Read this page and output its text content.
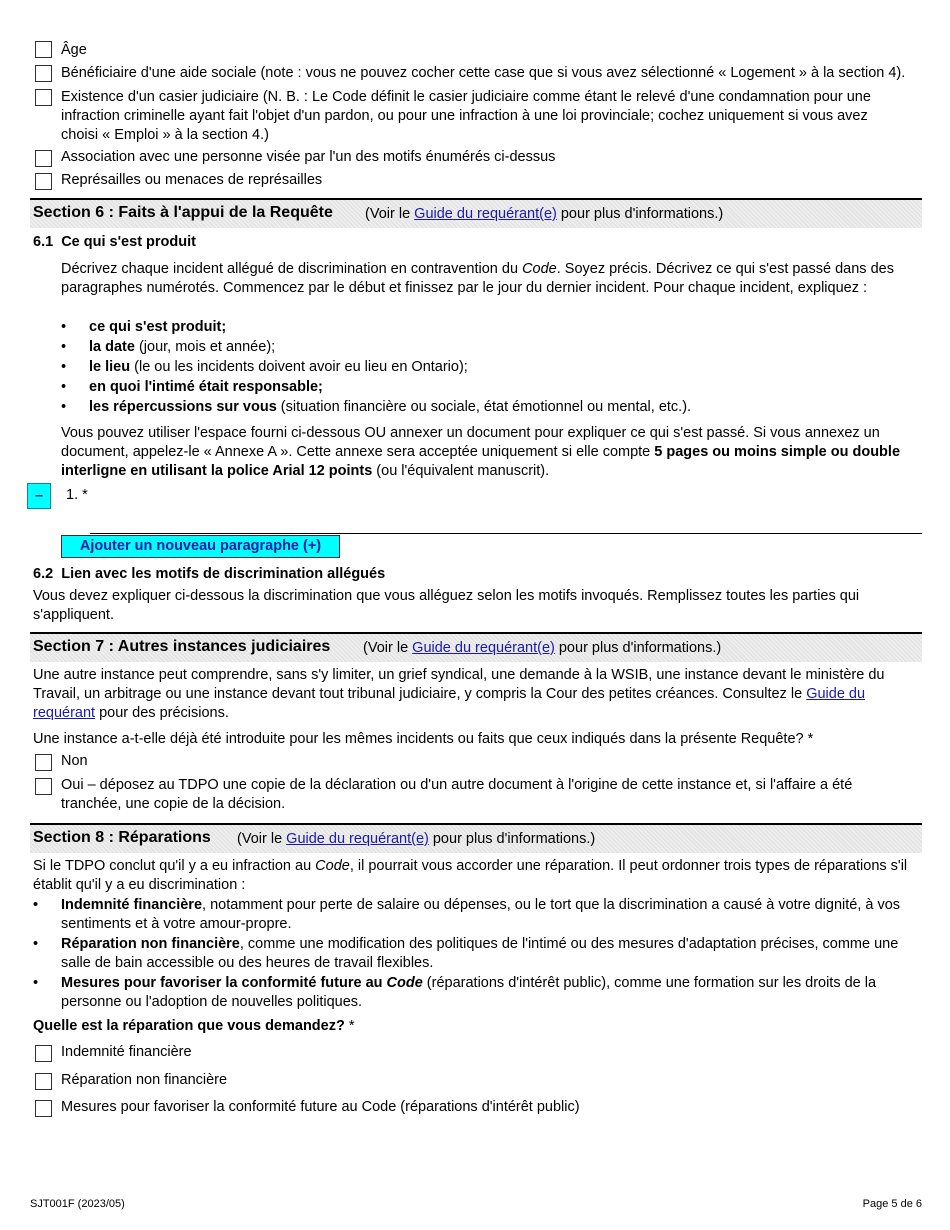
Âge
Bénéficiaire d'une aide sociale (note : vous ne pouvez cocher cette case que si vous avez sélectionné « Logement » à la section 4).
Existence d'un casier judiciaire (N. B. : Le Code définit le casier judiciaire comme étant le relevé d'une condamnation pour une infraction criminelle ayant fait l'objet d'un pardon, ou pour une infraction à une loi provinciale; cochez uniquement si vous avez choisi « Emploi » à la section 4.)
Association avec une personne visée par l'un des motifs énumérés ci-dessus
Représailles ou menaces de représailles
Section 6 : Faits à l'appui de la Requête (Voir le Guide du requérant(e) pour plus d'informations.)
6.1  Ce qui s'est produit
Décrivez chaque incident allégué de discrimination en contravention du Code. Soyez précis. Décrivez ce qui s'est passé dans des paragraphes numérotés. Commencez par le début et finissez par le jour du dernier incident. Pour chaque incident, expliquez :
• ce qui s'est produit;
• la date (jour, mois et année);
• le lieu (le ou les incidents doivent avoir eu lieu en Ontario);
• en quoi l'intimé était responsable;
• les répercussions sur vous (situation financière ou sociale, état émotionnel ou mental, etc.).
Vous pouvez utiliser l'espace fourni ci-dessous OU annexer un document pour expliquer ce qui s'est passé. Si vous annexez un document, appelez-le « Annexe A ». Cette annexe sera acceptée uniquement si elle compte 5 pages ou moins simple ou double interligne en utilisant la police Arial 12 points (ou l'équivalent manuscrit).
–	1. *
Ajouter un nouveau paragraphe (+)
6.2  Lien avec les motifs de discrimination allégués
Vous devez expliquer ci-dessous la discrimination que vous alléguez selon les motifs invoqués. Remplissez toutes les parties qui s'appliquent.
Section 7 : Autres instances judiciaires (Voir le Guide du requérant(e) pour plus d'informations.)
Une autre instance peut comprendre, sans s'y limiter, un grief syndical, une demande à la WSIB, une instance devant le ministère du Travail, un arbitrage ou une instance devant tout tribunal judiciaire, y compris la Cour des petites créances. Consultez le Guide du requérant pour des précisions.
Une instance a-t-elle déjà été introduite pour les mêmes incidents ou faits que ceux indiqués dans la présente Requête? *
Non
Oui – déposez au TDPO une copie de la déclaration ou d'un autre document à l'origine de cette instance et, si l'affaire a été tranchée, une copie de la décision.
Section 8 : Réparations (Voir le Guide du requérant(e) pour plus d'informations.)
Si le TDPO conclut qu'il y a eu infraction au Code, il pourrait vous accorder une réparation. Il peut ordonner trois types de réparations s'il établit qu'il y a eu discrimination :
• Indemnité financière, notamment pour perte de salaire ou dépenses, ou le tort que la discrimination a causé à votre dignité, à vos sentiments et à votre amour-propre.
• Réparation non financière, comme une modification des politiques de l'intimé ou des mesures d'adaptation précises, comme une salle de bain accessible ou des heures de travail flexibles.
• Mesures pour favoriser la conformité future au Code (réparations d'intérêt public), comme une formation sur les droits de la personne ou l'adoption de nouvelles politiques.
Quelle est la réparation que vous demandez? *
Indemnité financière
Réparation non financière
Mesures pour favoriser la conformité future au Code (réparations d'intérêt public)
SJT001F (2023/05)	Page 5 de 6
